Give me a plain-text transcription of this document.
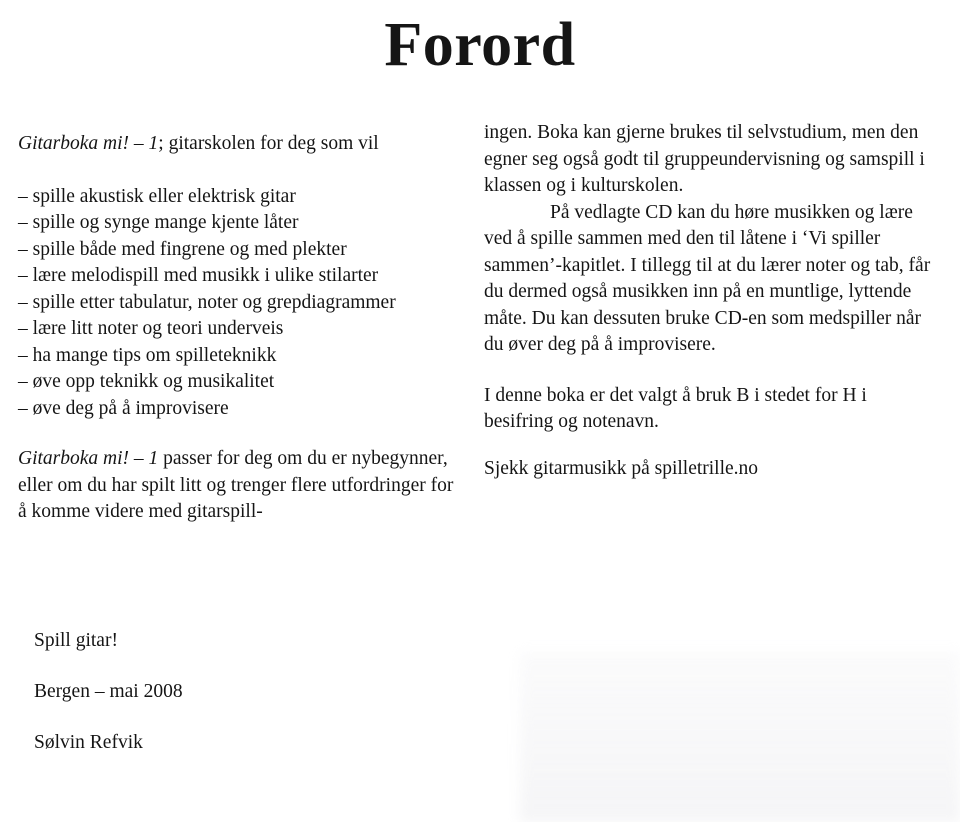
Forord

Gitarboka mi! – 1; gitarskolen for deg som vil

– spille akustisk eller elektrisk gitar
– spille og synge mange kjente låter
– spille både med fingrene og med plekter
– lære melodispill med musikk i ulike stilarter
– spille etter tabulatur, noter og grepdiagrammer
– lære litt noter og teori underveis
– ha mange tips om spilleteknikk
– øve opp teknikk og musikalitet
– øve deg på å improvisere

Gitarboka mi! – 1 passer for deg om du er nybegynner, eller om du har spilt litt og trenger flere utfordringer for å komme videre med gitarspill-

ingen. Boka kan gjerne brukes til selvstudium, men den egner seg også godt til gruppeundervisning og samspill i klassen og i kulturskolen.

På vedlagte CD kan du høre musikken og lære ved å spille sammen med den til låtene i ‘Vi spiller sammen’-kapitlet. I tillegg til at du lærer noter og tab, får du dermed også musikken inn på en muntlige, lyttende måte. Du kan dessuten bruke CD-en som medspiller når du øver deg på å improvisere.

I denne boka er det valgt å bruk B i stedet for H i besifring og notenavn.

Sjekk gitarmusikk på spilletrille.no

Spill gitar!

Bergen – mai 2008

Sølvin Refvik
